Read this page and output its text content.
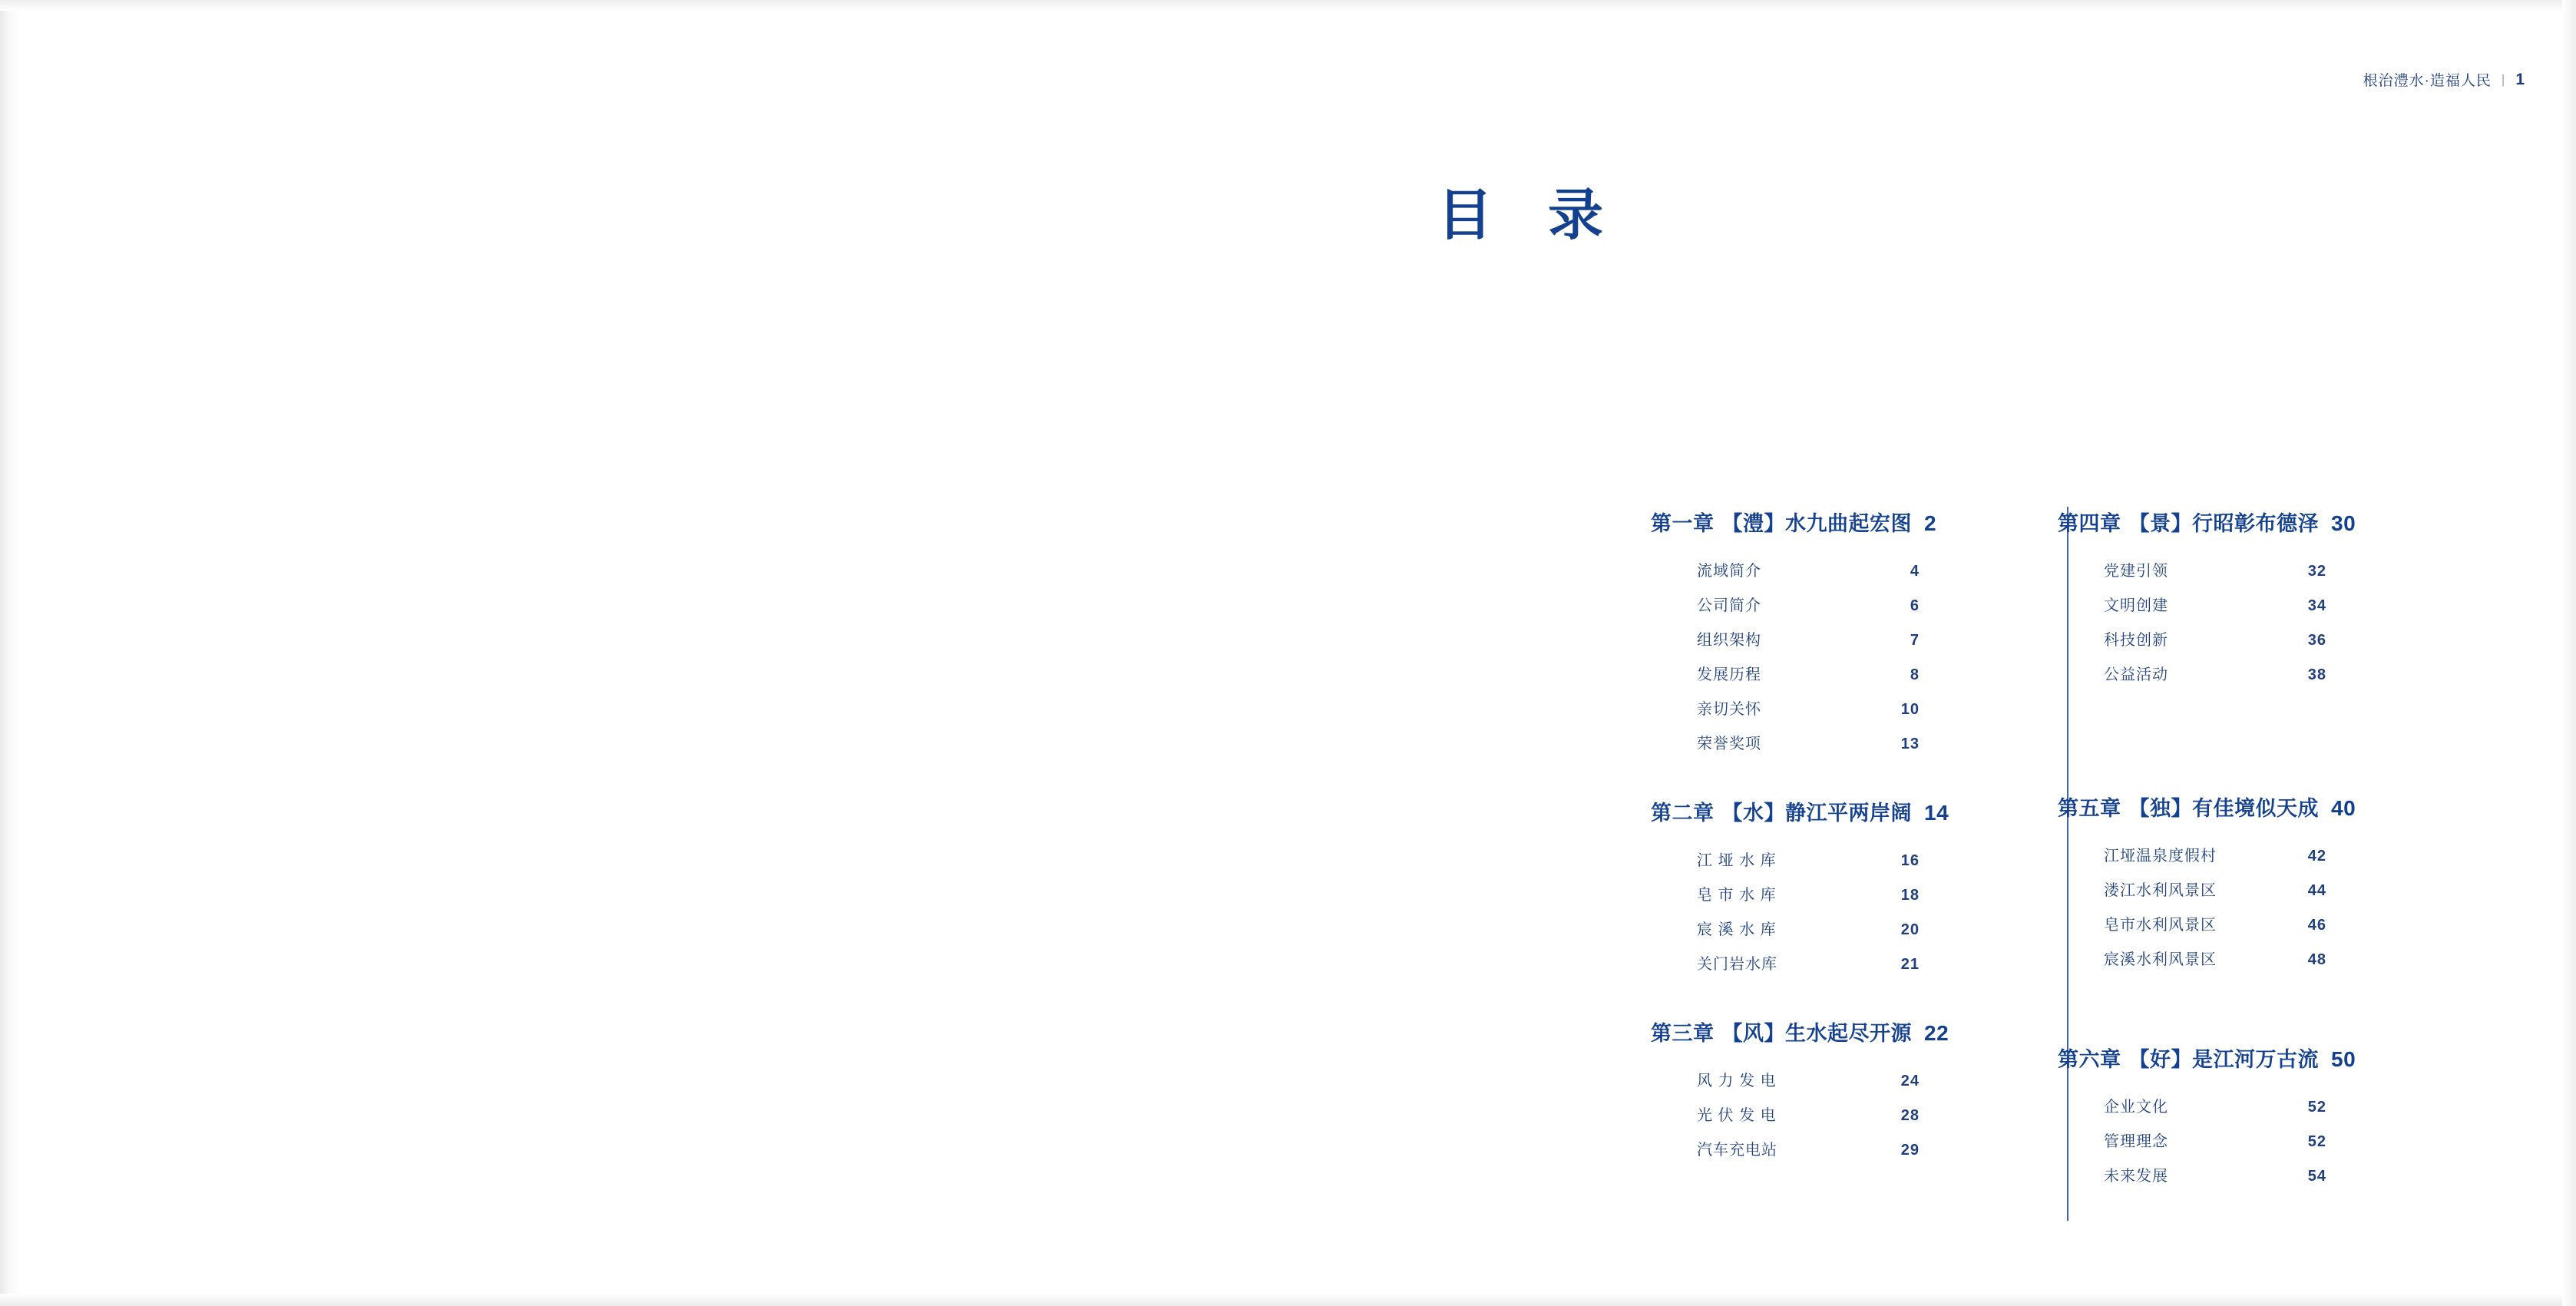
根治澧水·造福人民 | 1
目 录
第一章 【澧】水九曲起宏图 2
流域简介	4
公司简介	6
组织架构	7
发展历程	8
亲切关怀	10
荣誉奖项	13
第二章 【水】静江平两岸阔 14
江 垭 水 库	16
皂 市 水 库	18
宸 溪 水 库	20
关门岩水库	21
第三章 【风】生水起尽开源 22
风 力 发 电	24
光 伏 发 电	28
汽车充电站	29
第四章 【景】行昭彰布德泽 30
党建引领	32
文明创建	34
科技创新	36
公益活动	38
第五章 【独】有佳境似天成 40
江垭温泉度假村	42
溇江水利风景区	44
皂市水利风景区	46
宸溪水利风景区	48
第六章 【好】是江河万古流 50
企业文化	52
管理理念	52
未来发展	54
